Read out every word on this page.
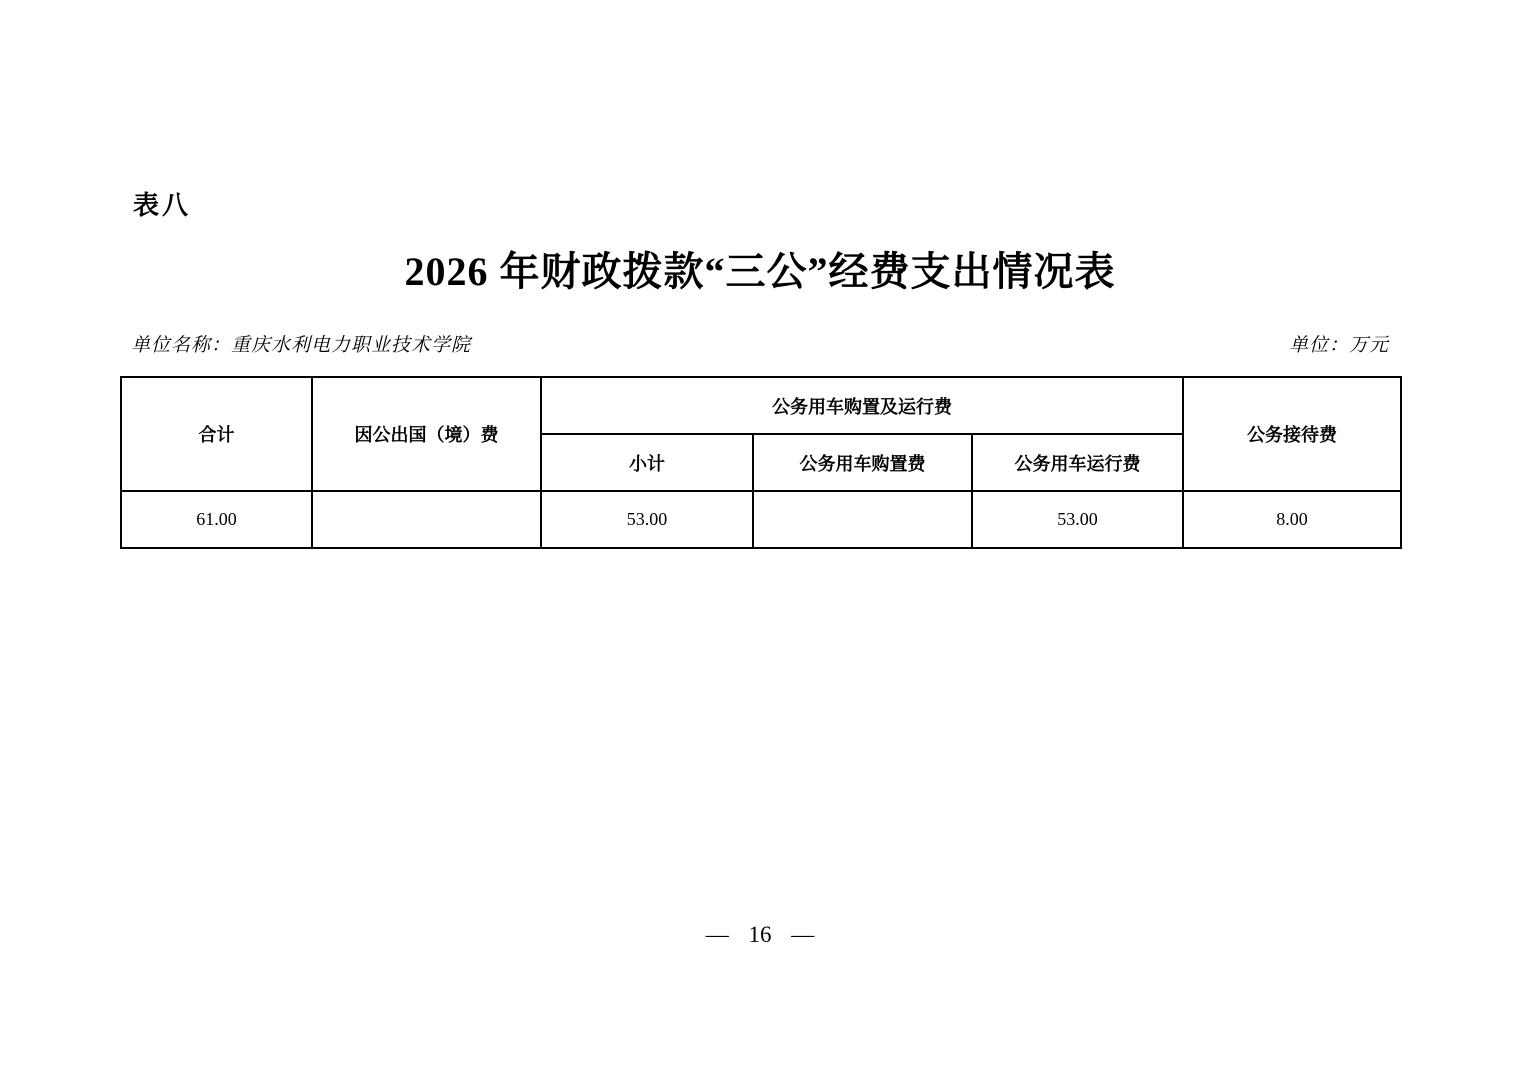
表八
2026 年财政拨款“三公”经费支出情况表
单位名称：重庆水利电力职业技术学院	单位：万元
合计	因公出国（境）费	公务用车购置及运行费			公务接待费
		小计	公务用车购置费	公务用车运行费	
61.00		53.00		53.00	8.00
— 16 —
